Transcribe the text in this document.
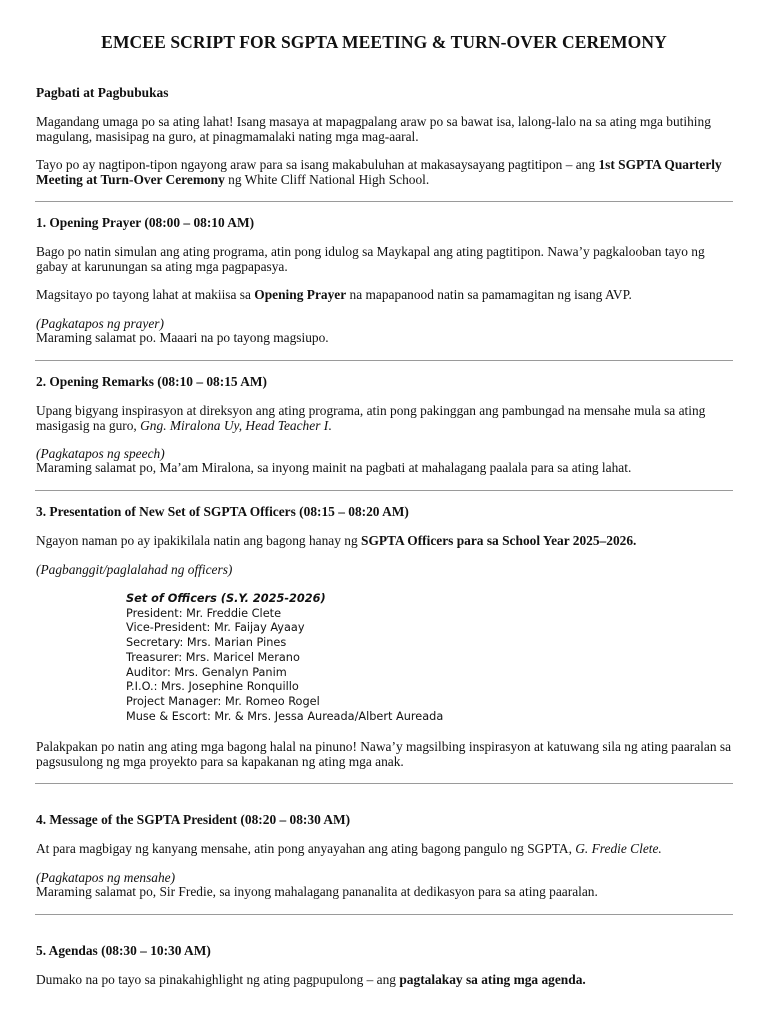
EMCEE SCRIPT FOR SGPTA MEETING & TURN-OVER CEREMONY
Pagbati at Pagbubukas
Magandang umaga po sa ating lahat! Isang masaya at mapagpalang araw po sa bawat isa, lalong-lalo na sa ating mga butihing magulang, masisipag na guro, at pinagmamalaki nating mga mag-aaral.
Tayo po ay nagtipon-tipon ngayong araw para sa isang makabuluhan at makasaysayang pagtitipon – ang 1st SGPTA Quarterly Meeting at Turn-Over Ceremony ng White Cliff National High School.
1. Opening Prayer (08:00 – 08:10 AM)
Bago po natin simulan ang ating programa, atin pong idulog sa Maykapal ang ating pagtitipon. Nawa’y pagkalooban tayo ng gabay at karunungan sa ating mga pagpapasya.
Magsitayo po tayong lahat at makiisa sa Opening Prayer na mapapanood natin sa pamamagitan ng isang AVP.
(Pagkatapos ng prayer)
Maraming salamat po. Maaari na po tayong magsiupo.
2. Opening Remarks (08:10 – 08:15 AM)
Upang bigyang inspirasyon at direksyon ang ating programa, atin pong pakinggan ang pambungad na mensahe mula sa ating masigasig na guro, Gng. Miralona Uy, Head Teacher I.
(Pagkatapos ng speech)
Maraming salamat po, Ma’am Miralona, sa inyong mainit na pagbati at mahalagang paalala para sa ating lahat.
3. Presentation of New Set of SGPTA Officers (08:15 – 08:20 AM)
Ngayon naman po ay ipakikilala natin ang bagong hanay ng SGPTA Officers para sa School Year 2025–2026.
(Pagbanggit/paglalahad ng officers)
Set of Officers (S.Y. 2025-2026)
President: Mr. Freddie Clete
Vice-President: Mr. Faijay Ayaay
Secretary: Mrs. Marian Pines
Treasurer: Mrs. Maricel Merano
Auditor: Mrs. Genalyn Panim
P.I.O.: Mrs. Josephine Ronquillo
Project Manager: Mr. Romeo Rogel
Muse & Escort: Mr. & Mrs. Jessa Aureada/Albert Aureada
Palakpakan po natin ang ating mga bagong halal na pinuno! Nawa’y magsilbing inspirasyon at katuwang sila ng ating paaralan sa pagsusulong ng mga proyekto para sa kapakanan ng ating mga anak.
4. Message of the SGPTA President (08:20 – 08:30 AM)
At para magbigay ng kanyang mensahe, atin pong anyayahan ang ating bagong pangulo ng SGPTA, G. Fredie Clete.
(Pagkatapos ng mensahe)
Maraming salamat po, Sir Fredie, sa inyong mahalagang pananalita at dedikasyon para sa ating paaralan.
5. Agendas (08:30 – 10:30 AM)
Dumako na po tayo sa pinakahighlight ng ating pagpupulong – ang pagtalakay sa ating mga agenda.
